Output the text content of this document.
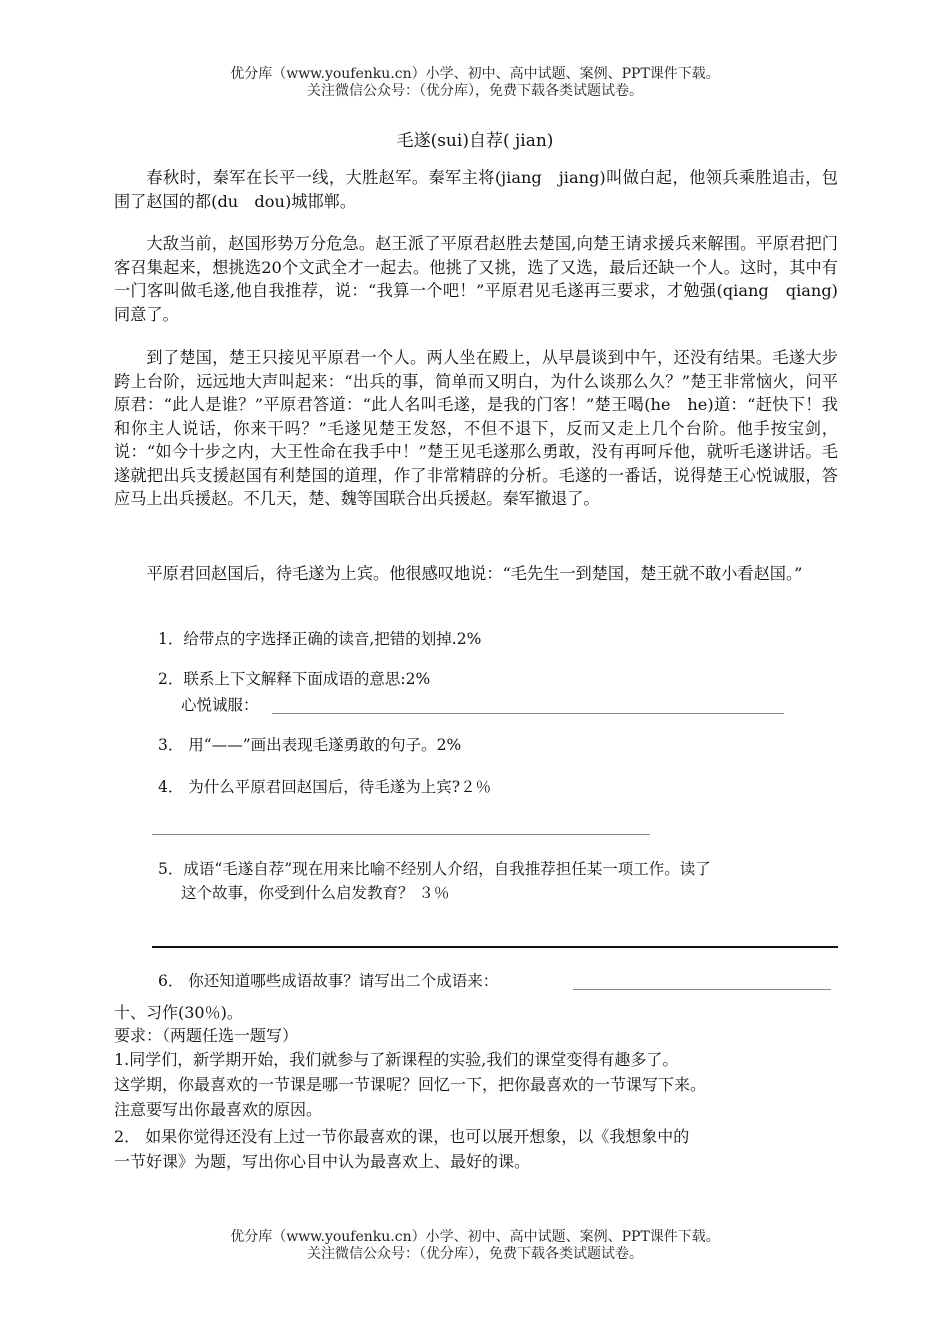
优分库（www.youfenku.cn）小学、初中、高中试题、案例、PPT课件下载。
关注微信公众号：（优分库），免费下载各类试题试卷。
毛遂(sui)自荐( jian)

春秋时，秦军在长平一线，大胜赵军。秦军主将(jiang　jiang)叫做白起，他领兵乘胜追击，包围了赵国的都(du　dou)城邯郸。

大敌当前，赵国形势万分危急。赵王派了平原君赵胜去楚国,向楚王请求援兵来解围。平原君把门客召集起来，想挑选20个文武全才一起去。他挑了又挑，选了又选，最后还缺一个人。这时，其中有一门客叫做毛遂,他自我推荐，说：“我算一个吧！”平原君见毛遂再三要求，才勉强(qiang　qiang)同意了。

到了楚国，楚王只接见平原君一个人。两人坐在殿上，从早晨谈到中午，还没有结果。毛遂大步跨上台阶，远远地大声叫起来：“出兵的事，简单而又明白，为什么谈那么久？”楚王非常恼火，问平原君：“此人是谁？”平原君答道：“此人名叫毛遂，是我的门客！”楚王喝(he　he)道：“赶快下！我和你主人说话，你来干吗？”毛遂见楚王发怒，不但不退下，反而又走上几个台阶。他手按宝剑，说：“如今十步之内，大王性命在我手中！”楚王见毛遂那么勇敢，没有再呵斥他，就听毛遂讲话。毛遂就把出兵支援赵国有利楚国的道理，作了非常精辟的分析。毛遂的一番话，说得楚王心悦诚服，答应马上出兵援赵。不几天，楚、魏等国联合出兵援赵。秦军撤退了。

平原君回赵国后，待毛遂为上宾。他很感叹地说：“毛先生一到楚国，楚王就不敢小看赵国。”

1．给带点的字选择正确的读音,把错的划掉.2%
2．联系上下文解释下面成语的意思:2%
心悦诚服：
3． 用“——”画出表现毛遂勇敢的句子。2%
4． 为什么平原君回赵国后，待毛遂为上宾?２％
5．成语“毛遂自荐”现在用来比喻不经别人介绍，自我推荐担任某一项工作。读了
这个故事，你受到什么启发教育？ ３％
6． 你还知道哪些成语故事？请写出二个成语来：
十、习作(30％)。
要求：（两题任选一题写）
1.同学们，新学期开始，我们就参与了新课程的实验,我们的课堂变得有趣多了。
这学期，你最喜欢的一节课是哪一节课呢？回忆一下，把你最喜欢的一节课写下来。
注意要写出你最喜欢的原因。
2． 如果你觉得还没有上过一节你最喜欢的课，也可以展开想象，以《我想象中的
一节好课》为题，写出你心目中认为最喜欢上、最好的课。
优分库（www.youfenku.cn）小学、初中、高中试题、案例、PPT课件下载。
关注微信公众号：（优分库），免费下载各类试题试卷。
